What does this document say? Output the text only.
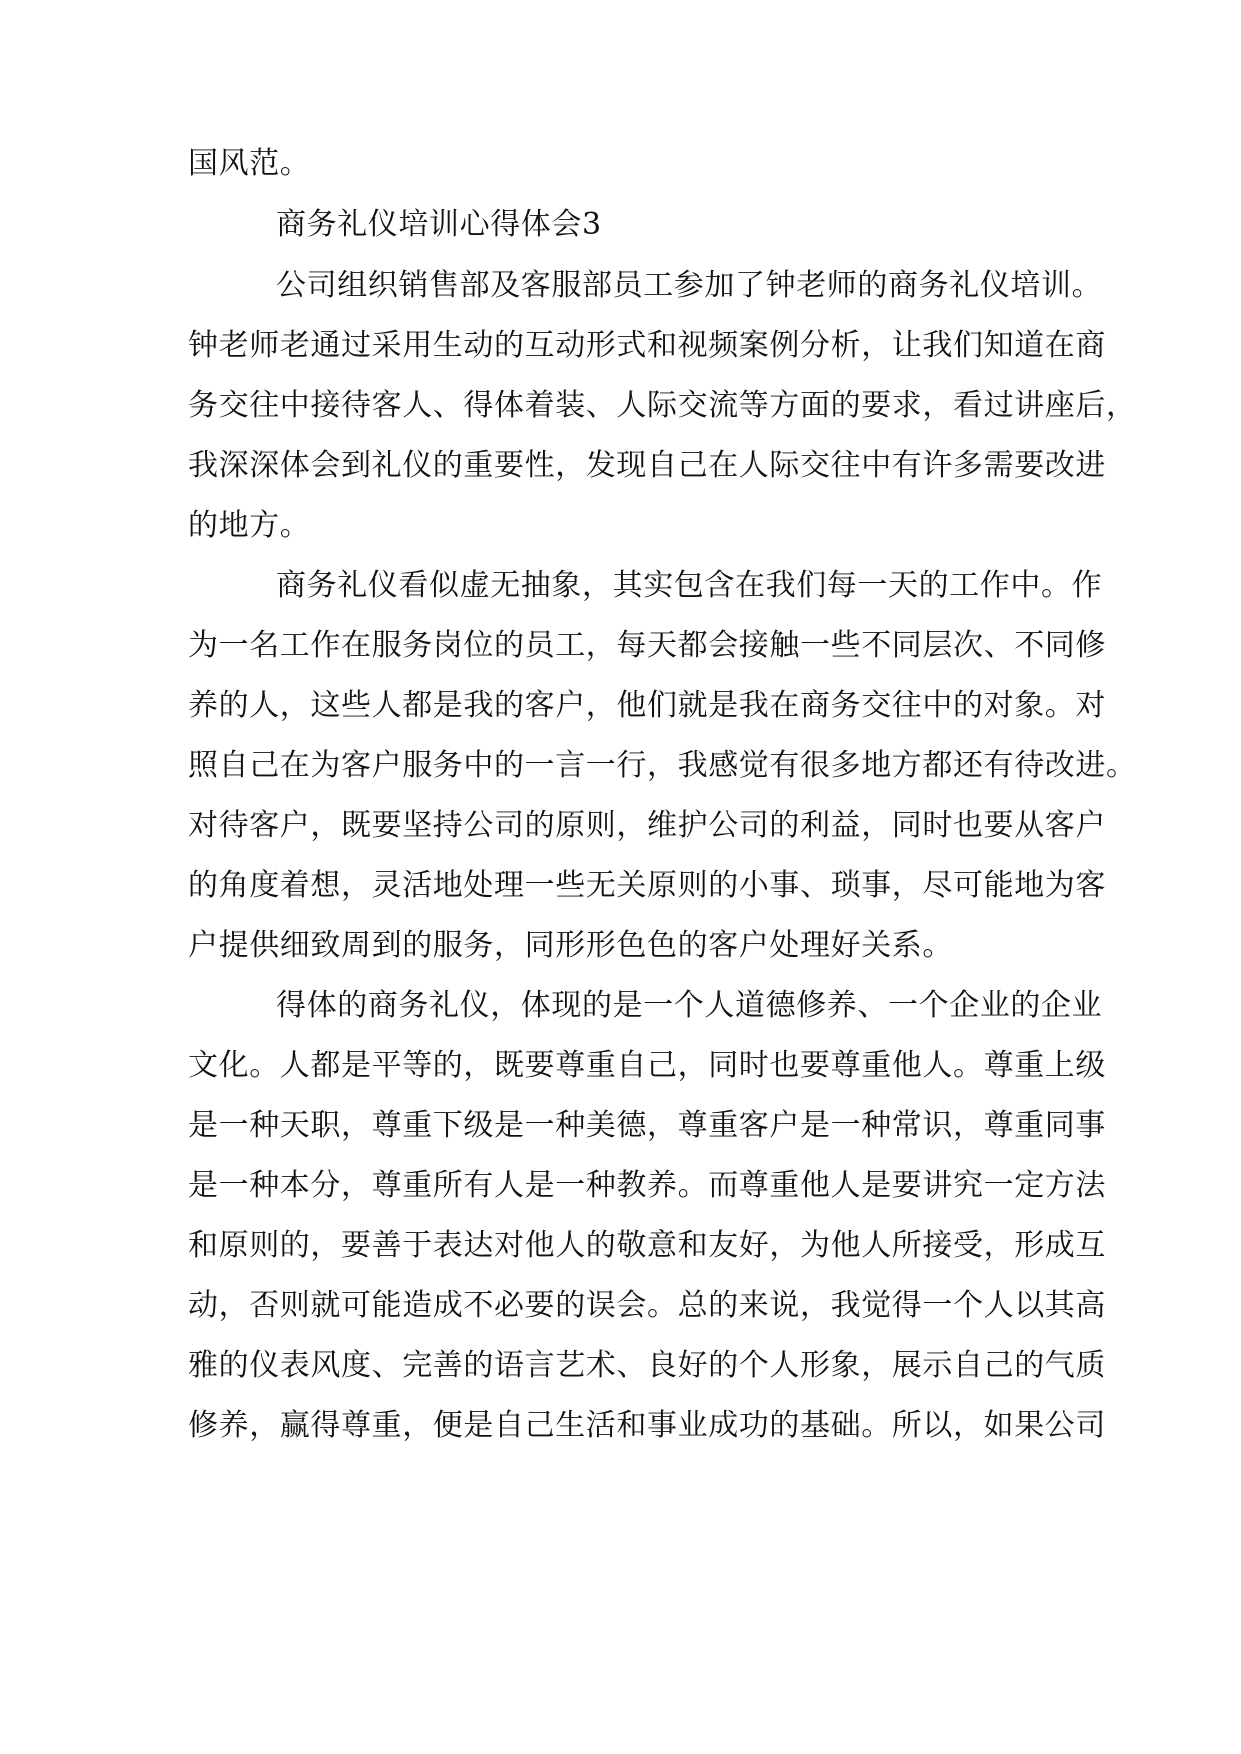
国风范。
商务礼仪培训心得体会3
公司组织销售部及客服部员工参加了钟老师的商务礼仪培训。
钟老师老通过采用生动的互动形式和视频案例分析，让我们知道在商
务交往中接待客人、得体着装、人际交流等方面的要求，看过讲座后，
我深深体会到礼仪的重要性，发现自己在人际交往中有许多需要改进
的地方。
商务礼仪看似虚无抽象，其实包含在我们每一天的工作中。作
为一名工作在服务岗位的员工，每天都会接触一些不同层次、不同修
养的人，这些人都是我的客户，他们就是我在商务交往中的对象。对
照自己在为客户服务中的一言一行，我感觉有很多地方都还有待改进。
对待客户，既要坚持公司的原则，维护公司的利益，同时也要从客户
的角度着想，灵活地处理一些无关原则的小事、琐事，尽可能地为客
户提供细致周到的服务，同形形色色的客户处理好关系。
得体的商务礼仪，体现的是一个人道德修养、一个企业的企业
文化。人都是平等的，既要尊重自己，同时也要尊重他人。尊重上级
是一种天职，尊重下级是一种美德，尊重客户是一种常识，尊重同事
是一种本分，尊重所有人是一种教养。而尊重他人是要讲究一定方法
和原则的，要善于表达对他人的敬意和友好，为他人所接受，形成互
动，否则就可能造成不必要的误会。总的来说，我觉得一个人以其高
雅的仪表风度、完善的语言艺术、良好的个人形象，展示自己的气质
修养，赢得尊重，便是自己生活和事业成功的基础。所以，如果公司
